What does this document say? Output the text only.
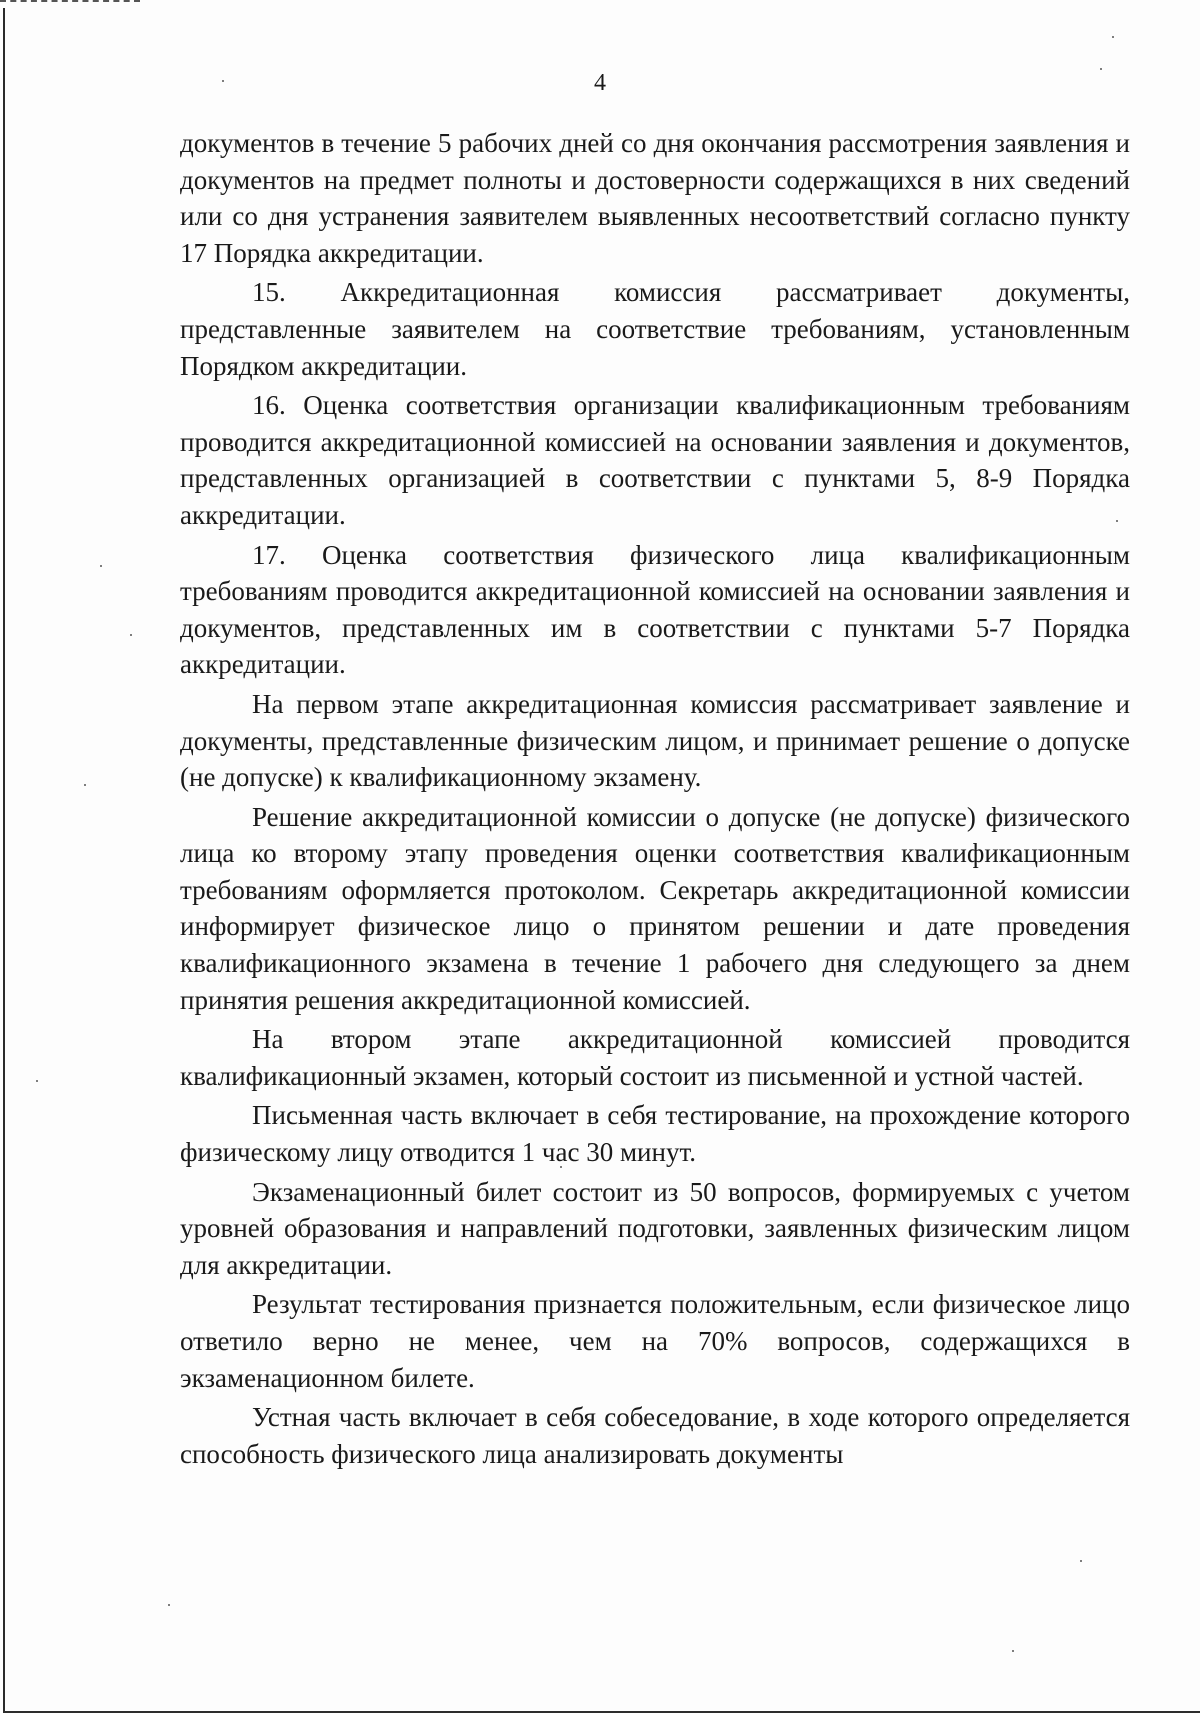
4

документов в течение 5 рабочих дней со дня окончания рассмотрения заявления и документов на предмет полноты и достоверности содержащихся в них сведений или со дня устранения заявителем выявленных несоответствий согласно пункту 17 Порядка аккредитации.

15. Аккредитационная комиссия рассматривает документы, представленные заявителем на соответствие требованиям, установленным Порядком аккредитации.

16. Оценка соответствия организации квалификационным требованиям проводится аккредитационной комиссией на основании заявления и документов, представленных организацией в соответствии с пунктами 5, 8-9 Порядка аккредитации.

17. Оценка соответствия физического лица квалификационным требованиям проводится аккредитационной комиссией на основании заявления и документов, представленных им в соответствии с пунктами 5-7 Порядка аккредитации.

На первом этапе аккредитационная комиссия рассматривает заявление и документы, представленные физическим лицом, и принимает решение о допуске (не допуске) к квалификационному экзамену.

Решение аккредитационной комиссии о допуске (не допуске) физического лица ко второму этапу проведения оценки соответствия квалификационным требованиям оформляется протоколом. Секретарь аккредитационной комиссии информирует физическое лицо о принятом решении и дате проведения квалификационного экзамена в течение 1 рабочего дня следующего за днем принятия решения аккредитационной комиссией.

На втором этапе аккредитационной комиссией проводится квалификационный экзамен, который состоит из письменной и устной частей.

Письменная часть включает в себя тестирование, на прохождение которого физическому лицу отводится 1 час 30 минут.

Экзаменационный билет состоит из 50 вопросов, формируемых с учетом уровней образования и направлений подготовки, заявленных физическим лицом для аккредитации.

Результат тестирования признается положительным, если физическое лицо ответило верно не менее, чем на 70% вопросов, содержащихся в экзаменационном билете.

Устная часть включает в себя собеседование, в ходе которого определяется способность физического лица анализировать документы
